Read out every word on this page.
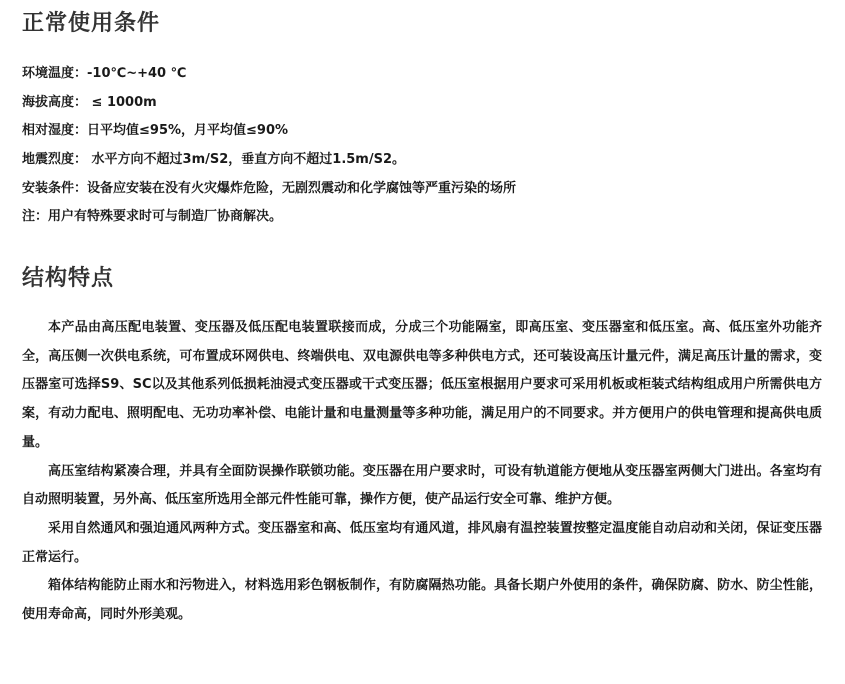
正常使用条件
环境温度：-10℃~+40 ℃
海拔高度： ≤ 1000m
相对湿度：日平均值≤95%，月平均值≤90%
地震烈度： 水平方向不超过3m/S2，垂直方向不超过1.5m/S2。
安装条件：设备应安装在没有火灾爆炸危险，无剧烈震动和化学腐蚀等严重污染的场所
注：用户有特殊要求时可与制造厂协商解决。
结构特点

本产品由高压配电装置、变压器及低压配电装置联接而成，分成三个功能隔室，即高压室、变压器室和低压室。高、低压室外功能齐全，高压侧一次供电系统，可布置成环网供电、终端供电、双电源供电等多种供电方式，还可装设高压计量元件，满足高压计量的需求，变压器室可选择S9、SC以及其他系列低损耗油浸式变压器或干式变压器；低压室根据用户要求可采用机板或柜装式结构组成用户所需供电方案，有动力配电、照明配电、无功功率补偿、电能计量和电量测量等多种功能，满足用户的不同要求。并方便用户的供电管理和提高供电质量。

高压室结构紧凑合理，并具有全面防误操作联锁功能。变压器在用户要求时，可设有轨道能方便地从变压器室两侧大门进出。各室均有自动照明装置，另外高、低压室所选用全部元件性能可靠，操作方便，使产品运行安全可靠、维护方便。

采用自然通风和强迫通风两种方式。变压器室和高、低压室均有通风道，排风扇有温控装置按整定温度能自动启动和关闭，保证变压器正常运行。

箱体结构能防止雨水和污物进入，材料选用彩色钢板制作，有防腐隔热功能。具备长期户外使用的条件，确保防腐、防水、防尘性能，使用寿命高，同时外形美观。
